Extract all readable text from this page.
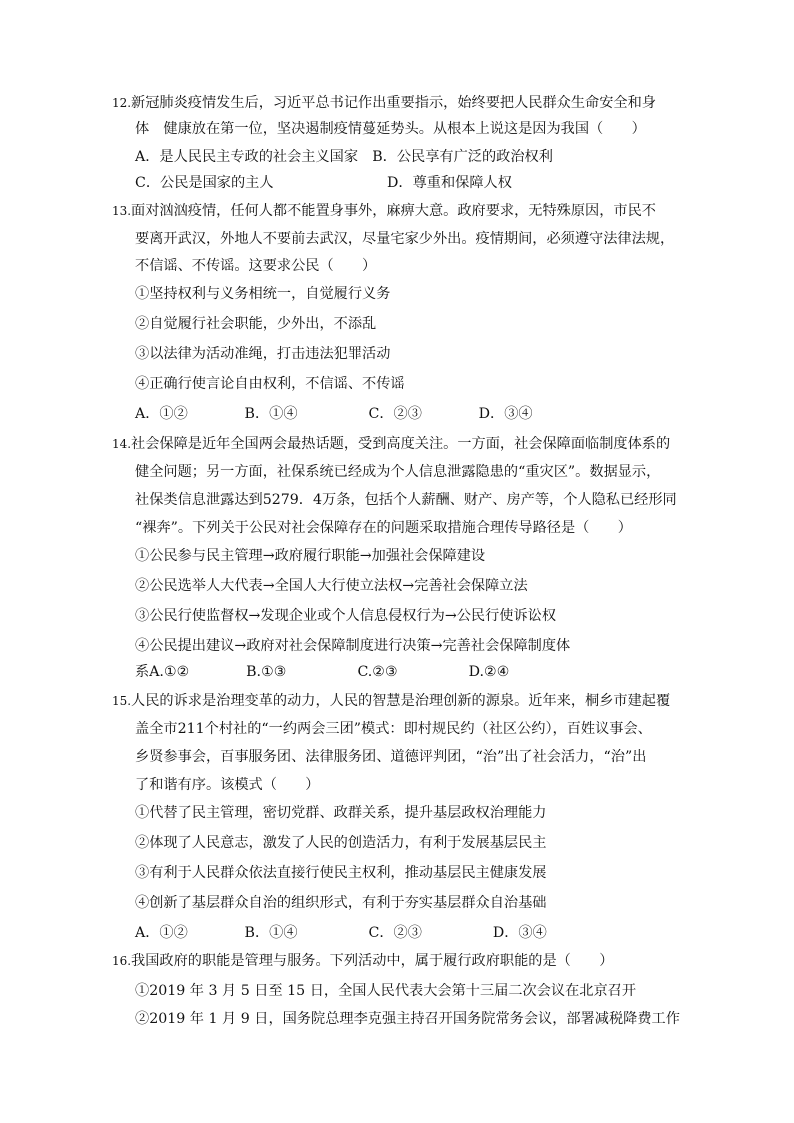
12. 新冠肺炎疫情发生后，习近平总书记作出重要指示，始终要把人民群众生命安全和身
体　健康放在第一位，坚决遏制疫情蔓延势头。从根本上说这是因为我国（　　）
A．是人民民主专政的社会主义国家　B．公民享有广泛的政治权利
C．公民是国家的主人　　　　　　　　D．尊重和保障人权
13. 面对汹汹疫情，任何人都不能置身事外，麻痹大意。政府要求，无特殊原因，市民不
要离开武汉，外地人不要前去武汉，尽量宅家少外出。疫情期间，必须遵守法律法规，
不信谣、不传谣。这要求公民（　　）
①坚持权利与义务相统一，自觉履行义务
②自觉履行社会职能，少外出，不添乱
③以法律为活动准绳，打击违法犯罪活动
④正确行使言论自由权利，不信谣、不传谣
A．①②　　　　B．①④　　　　　C．②③　　　　D．③④
14. 社会保障是近年全国两会最热话题，受到高度关注。一方面，社会保障面临制度体系的
健全问题；另一方面，社保系统已经成为个人信息泄露隐患的“重灾区”。数据显示，
社保类信息泄露达到5279．4万条，包括个人薪酬、财产、房产等，个人隐私已经形同
“裸奔”。下列关于公民对社会保障存在的问题采取措施合理传导路径是（　　）
①公民参与民主管理→政府履行职能→加强社会保障建设
②公民选举人大代表→全国人大行使立法权→完善社会保障立法
③公民行使监督权→发现企业或个人信息侵权行为→公民行使诉讼权
④公民提出建议→政府对社会保障制度进行决策→完善社会保障制度体
系A.①②　　　　B.①③　　　　　C.②③　　　　　D.②④
15. 人民的诉求是治理变革的动力，人民的智慧是治理创新的源泉。近年来，桐乡市建起覆
盖全市211个村社的“一约两会三团”模式：即村规民约（社区公约），百姓议事会、
乡贤参事会，百事服务团、法律服务团、道德评判团，“治”出了社会活力，“治”出
了和谐有序。该模式（　　）
①代替了民主管理，密切党群、政群关系，提升基层政权治理能力
②体现了人民意志，激发了人民的创造活力，有利于发展基层民主
③有利于人民群众依法直接行使民主权利，推动基层民主健康发展
④创新了基层群众自治的组织形式，有利于夯实基层群众自治基础
A．①②　　　　B．①④　　　　　C．②③　　　　　D．③④
16. 我国政府的职能是管理与服务。下列活动中，属于履行政府职能的是（　　）
①2019 年 3 月 5 日至 15 日，全国人民代表大会第十三届二次会议在北京召开
②2019 年 1 月 9 日，国务院总理李克强主持召开国务院常务会议，部署减税降费工作
